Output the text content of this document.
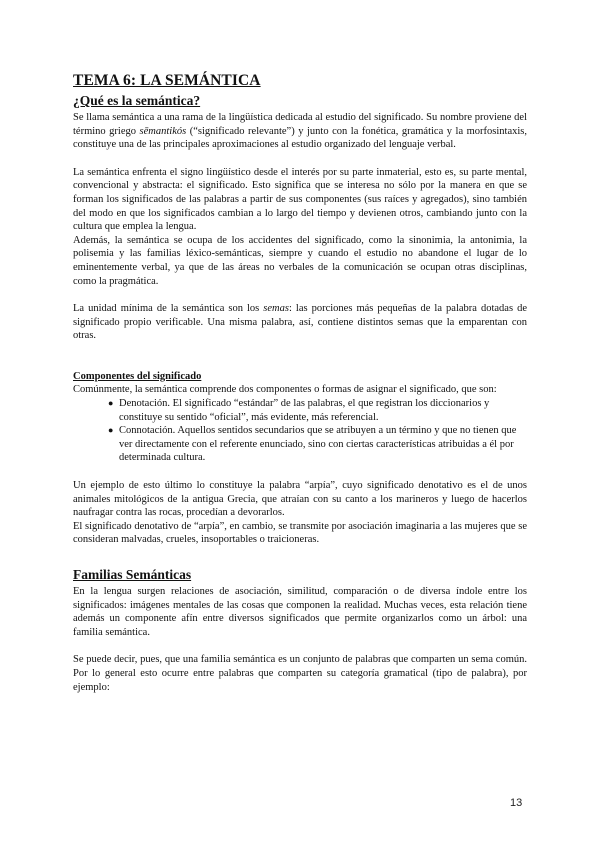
TEMA 6: LA SEMÁNTICA
¿Qué es la semántica?

Se llama semántica a una rama de la lingüística dedicada al estudio del significado. Su nombre proviene del término griego sēmantikós (“significado relevante”) y junto con la fonética, gramática y la morfosintaxis, constituye una de las principales aproximaciones al estudio organizado del lenguaje verbal.

La semántica enfrenta el signo lingüístico desde el interés por su parte inmaterial, esto es, su parte mental, convencional y abstracta: el significado. Esto significa que se interesa no sólo por la manera en que se forman los significados de las palabras a partir de sus componentes (sus raíces y agregados), sino también del modo en que los significados cambian a lo largo del tiempo y devienen otros, cambiando junto con la cultura que emplea la lengua.

Además, la semántica se ocupa de los accidentes del significado, como la sinonimia, la antonimia, la polisemia y las familias léxico-semánticas, siempre y cuando el estudio no abandone el lugar de lo eminentemente verbal, ya que de las áreas no verbales de la comunicación se ocupan otras disciplinas, como la pragmática.

La unidad mínima de la semántica son los semas: las porciones más pequeñas de la palabra dotadas de significado propio verificable. Una misma palabra, así, contiene distintos semas que la emparentan con otras.

Componentes del significado

Comúnmente, la semántica comprende dos componentes o formas de asignar el significado, que son:

● Denotación. El significado “estándar” de las palabras, el que registran los diccionarios y constituye su sentido “oficial”, más evidente, más referencial.
● Connotación. Aquellos sentidos secundarios que se atribuyen a un término y que no tienen que ver directamente con el referente enunciado, sino con ciertas características atribuidas a él por determinada cultura.

Un ejemplo de esto último lo constituye la palabra “arpía”, cuyo significado denotativo es el de unos animales mitológicos de la antigua Grecia, que atraían con su canto a los marineros y luego de hacerlos naufragar contra las rocas, procedían a devorarlos.

El significado denotativo de “arpía”, en cambio, se transmite por asociación imaginaria a las mujeres que se consideran malvadas, crueles, insoportables o traicioneras.

Familias Semánticas

En la lengua surgen relaciones de asociación, similitud, comparación o de diversa índole entre los significados: imágenes mentales de las cosas que componen la realidad. Muchas veces, esta relación tiene además un componente afín entre diversos significados que permite organizarlos como un árbol: una familia semántica.

Se puede decir, pues, que una familia semántica es un conjunto de palabras que comparten un sema común. Por lo general esto ocurre entre palabras que comparten su categoría gramatical (tipo de palabra), por ejemplo:

13
